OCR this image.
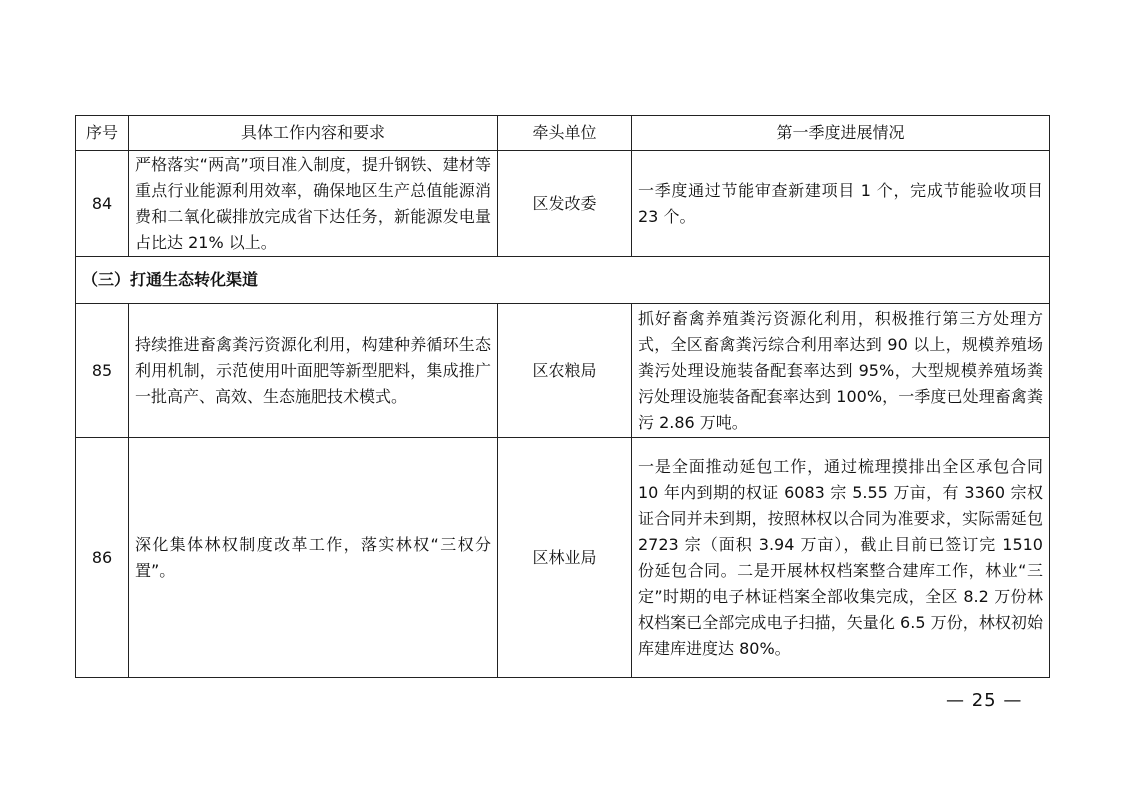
序号	具体工作内容和要求	牵头单位	第一季度进展情况
84	严格落实“两高”项目准入制度，提升钢铁、建材等重点行业能源利用效率，确保地区生产总值能源消费和二氧化碳排放完成省下达任务，新能源发电量占比达 21% 以上。	区发改委	一季度通过节能审查新建项目 1 个，完成节能验收项目 23 个。
（三）打通生态转化渠道			
85	持续推进畜禽粪污资源化利用，构建种养循环生态利用机制，示范使用叶面肥等新型肥料，集成推广一批高产、高效、生态施肥技术模式。	区农粮局	抓好畜禽养殖粪污资源化利用，积极推行第三方处理方式，全区畜禽粪污综合利用率达到 90 以上，规模养殖场粪污处理设施装备配套率达到 95%，大型规模养殖场粪污处理设施装备配套率达到 100%，一季度已处理畜禽粪污 2.86 万吨。
86	深化集体林权制度改革工作，落实林权“三权分置”。	区林业局	一是全面推动延包工作，通过梳理摸排出全区承包合同 10 年内到期的权证 6083 宗 5.55 万亩，有 3360 宗权证合同并未到期，按照林权以合同为准要求，实际需延包 2723 宗（面积 3.94 万亩），截止目前已签订完 1510 份延包合同。二是开展林权档案整合建库工作，林业“三定”时期的电子林证档案全部收集完成，全区 8.2 万份林权档案已全部完成电子扫描，矢量化 6.5 万份，林权初始库建库进度达 80%。
— 25 —
